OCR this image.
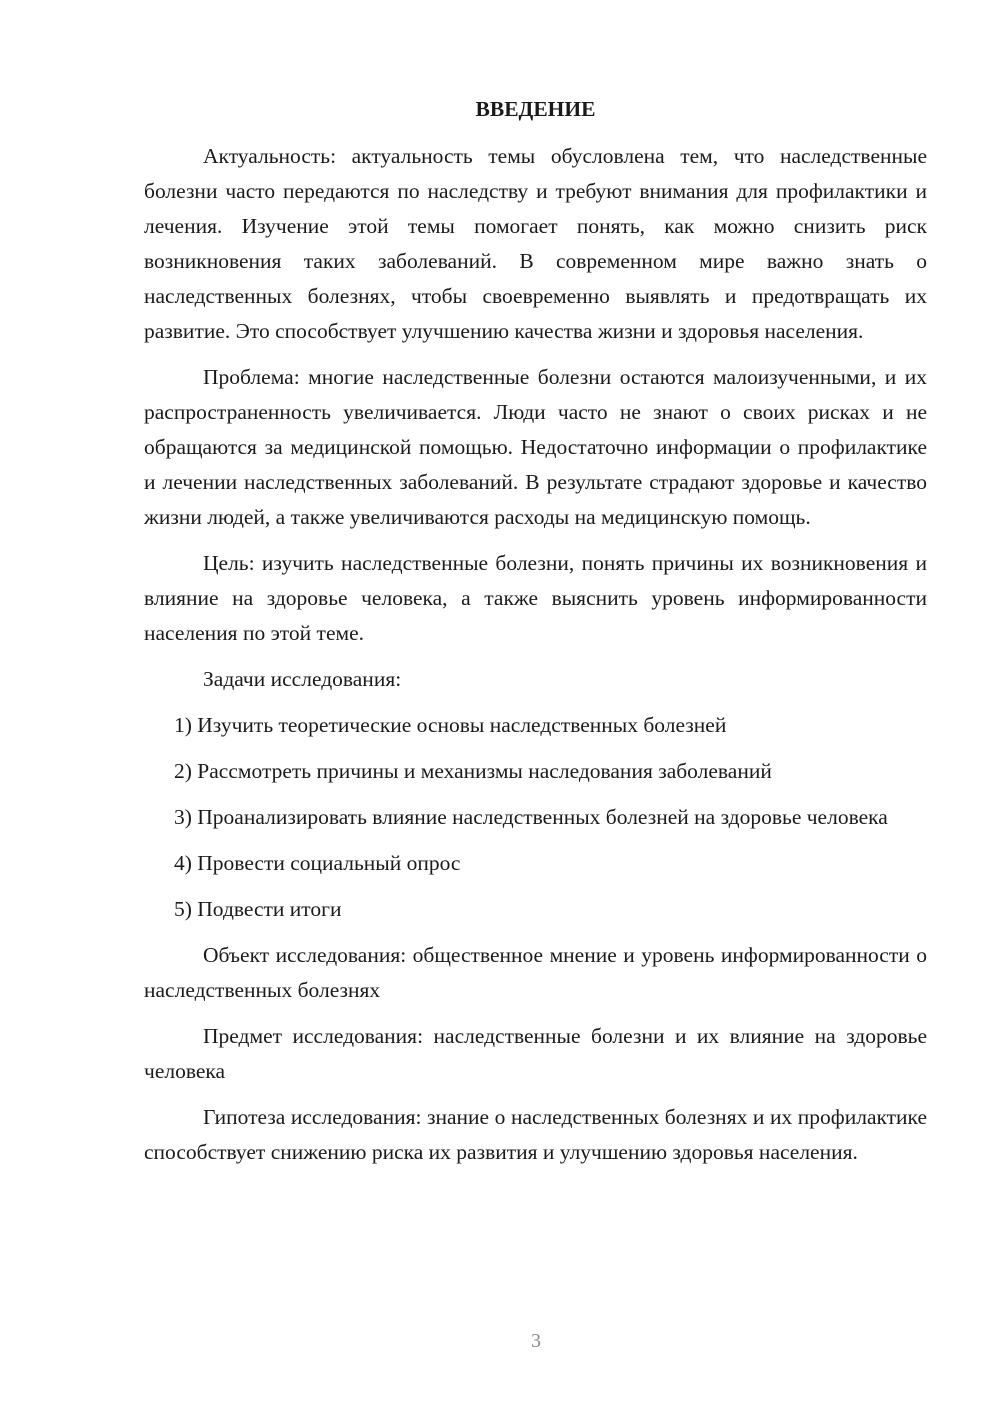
ВВЕДЕНИЕ

Актуальность: актуальность темы обусловлена тем, что наследственные болезни часто передаются по наследству и требуют внимания для профилактики и лечения. Изучение этой темы помогает понять, как можно снизить риск возникновения таких заболеваний. В современном мире важно знать о наследственных болезнях, чтобы своевременно выявлять и предотвращать их развитие. Это способствует улучшению качества жизни и здоровья населения.

Проблема: многие наследственные болезни остаются малоизученными, и их распространенность увеличивается. Люди часто не знают о своих рисках и не обращаются за медицинской помощью. Недостаточно информации о профилактике и лечении наследственных заболеваний. В результате страдают здоровье и качество жизни людей, а также увеличиваются расходы на медицинскую помощь.

Цель: изучить наследственные болезни, понять причины их возникновения и влияние на здоровье человека, а также выяснить уровень информированности населения по этой теме.

Задачи исследования:

1) Изучить теоретические основы наследственных болезней

2) Рассмотреть причины и механизмы наследования заболеваний

3) Проанализировать влияние наследственных болезней на здоровье человека

4) Провести социальный опрос

5) Подвести итоги

Объект исследования: общественное мнение и уровень информированности о наследственных болезнях

Предмет исследования: наследственные болезни и их влияние на здоровье человека

Гипотеза исследования: знание о наследственных болезнях и их профилактике способствует снижению риска их развития и улучшению здоровья населения.

3
